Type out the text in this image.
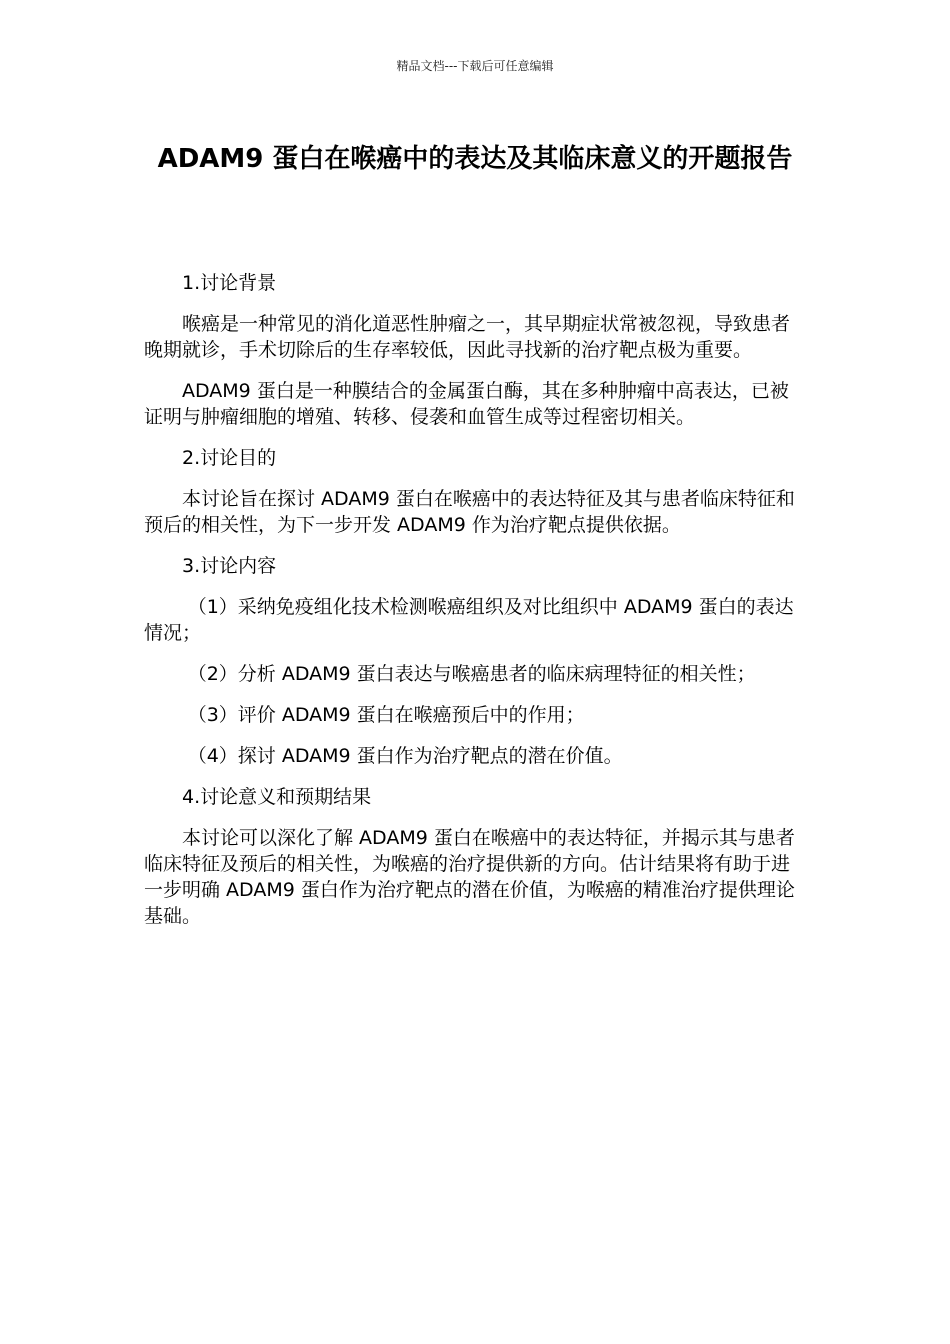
精品文档---下载后可任意编辑
ADAM9 蛋白在喉癌中的表达及其临床意义的开题报告

1.讨论背景

喉癌是一种常见的消化道恶性肿瘤之一，其早期症状常被忽视，导致患者晚期就诊，手术切除后的生存率较低，因此寻找新的治疗靶点极为重要。

ADAM9 蛋白是一种膜结合的金属蛋白酶，其在多种肿瘤中高表达，已被证明与肿瘤细胞的增殖、转移、侵袭和血管生成等过程密切相关。

2.讨论目的

本讨论旨在探讨 ADAM9 蛋白在喉癌中的表达特征及其与患者临床特征和预后的相关性，为下一步开发 ADAM9 作为治疗靶点提供依据。

3.讨论内容

（1）采纳免疫组化技术检测喉癌组织及对比组织中 ADAM9 蛋白的表达情况；

（2）分析 ADAM9 蛋白表达与喉癌患者的临床病理特征的相关性；

（3）评价 ADAM9 蛋白在喉癌预后中的作用；

（4）探讨 ADAM9 蛋白作为治疗靶点的潜在价值。

4.讨论意义和预期结果

本讨论可以深化了解 ADAM9 蛋白在喉癌中的表达特征，并揭示其与患者临床特征及预后的相关性，为喉癌的治疗提供新的方向。估计结果将有助于进一步明确 ADAM9 蛋白作为治疗靶点的潜在价值，为喉癌的精准治疗提供理论基础。
